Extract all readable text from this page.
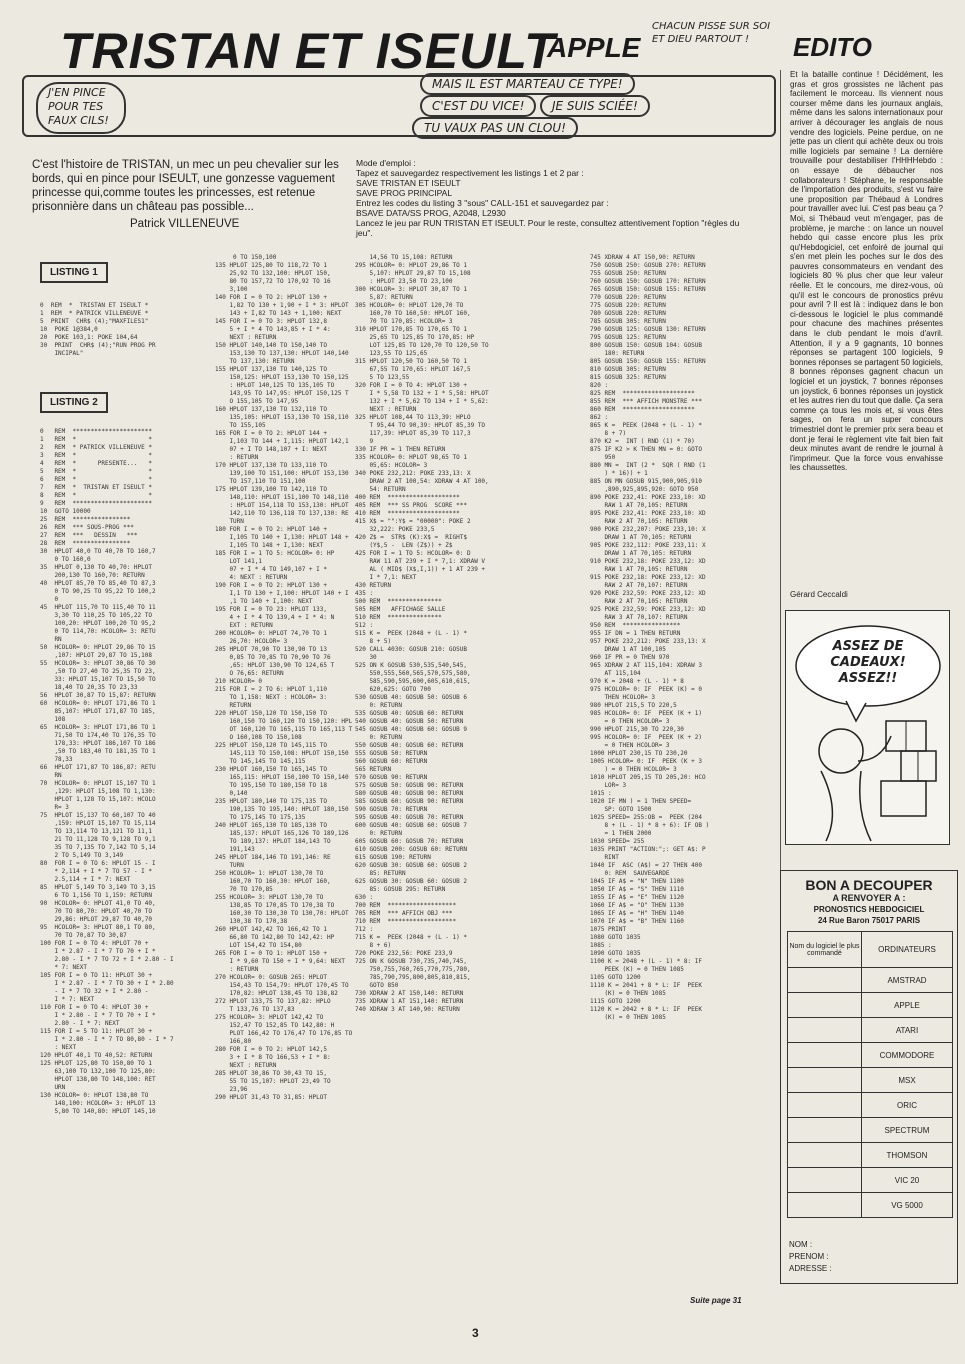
TRISTAN ET ISEULT
APPLE
CHACUN PISSE SUR SOI ET DIEU PARTOUT !	EDITO
J'EN PINCE POUR TES FAUX CILS!
MAIS IL EST MARTEAU CE TYPE!
C'EST DU VICE!	JE SUIS SCIÉE!
TU VAUX PAS UN CLOU!
C'est l'histoire de TRISTAN, un mec un peu chevalier sur les bords, qui en pince pour ISEULT, une gonzesse vaguement princesse qui,comme toutes les princesses, est retenue prisonnière dans un château pas possible...
Patrick VILLENEUVE
Mode d'emploi :
Tapez et sauvegardez respectivement les listings 1 et 2 par :
SAVE TRISTAN ET ISEULT
SAVE PROG PRINCIPAL
Entrez les codes du listing 3 "sous" CALL-151 et sauvegardez par :
BSAVE DATA/SS PROG, A2048, L2930
Lancez le jeu par RUN TRISTAN ET ISEULT. Pour le reste, consultez attentivement l'option "règles du jeu".
LISTING 1
0  REM  *  TRISTAN ET ISEULT *
1  REM  * PATRICK VILLENEUVE *
5  PRINT  CHR$ (4);"MAXFILES1"
10  POKE 1@384,0
20  POKE 103,1: POKE 104,64
30  PRINT  CHR$ (4);"RUN PROG PR
INCIPAL"
LISTING 2
0   REM  **********************
1   REM  *                    *
2   REM  * PATRICK VILLENEUVE *
3   REM  *                    *
4   REM  *      PRESENTE...   *
5   REM  *                    *
6   REM  *                    *
7   REM  *  TRISTAN ET ISEULT *
8   REM  *                    *
9   REM  **********************
10  GOTO 10000
25  REM  ****************
26  REM  *** SOUS-PROG ***
27  REM  ***   DESSIN   ***
28  REM  ****************
30  HPLOT 40,0 TO 40,70 TO 160,7
0 TO 160,0
35  HPLOT 0,130 TO 40,70: HPLOT
200,130 TO 160,70: RETURN
40  HPLOT 85,70 TO 85,40 TO 87,3
0 TO 90,25 TO 95,22 TO 100,2
0
45  HPLOT 115,70 TO 115,40 TO 11
3,30 TO 110,25 TO 105,22 TO
100,20: HPLOT 100,20 TO 95,2
0 TO 114,70: HCOLOR= 3: RETU
RN
50  HCOLOR= 0: HPLOT 29,86 TO 15
,107: HPLOT 29,87 TO 15,108
55  HCOLOR= 3: HPLOT 30,86 TO 30
,50 TO 27,40 TO 25,35 TO 23,
33: HPLOT 15,107 TO 15,50 TO
18,40 TO 20,35 TO 23,33
56  HPLOT 30,87 TO 15,87: RETURN
60  HCOLOR= 0: HPLOT 171,86 TO 1
85,107: HPLOT 171,87 TO 185,
108
65  HCOLOR= 3: HPLOT 171,86 TO 1
71,50 TO 174,40 TO 176,35 TO
178,33: HPLOT 186,107 TO 186
,50 TO 183,40 TO 181,35 TO 1
78,33
66  HPLOT 171,87 TO 186,87: RETU
RN
70  HCOLOR= 0: HPLOT 15,107 TO 1
,129: HPLOT 15,108 TO 1,130:
HPLOT 1,128 TO 15,107: HCOLO
R= 3
75  HPLOT 15,137 TO 60,107 TO 40
,159: HPLOT 15,107 TO 15,114
TO 13,114 TO 13,121 TO 11,1
21 TO 11,128 TO 9,128 TO 9,1
35 TO 7,135 TO 7,142 TO 5,14
2 TO 5,149 TO 3,149
80  FOR I = 0 TO 6: HPLOT 15 - I
* 2,114 + I * 7 TO 57 - I *
2.5,114 + I * 7: NEXT
85  HPLOT 5,149 TO 3,149 TO 3,15
6 TO 1,156 TO 1,159: RETURN
90  HCOLOR= 0: HPLOT 41,0 TO 40,
70 TO 80,70: HPLOT 40,70 TO
29,86: HPLOT 29,87 TO 40,70
95  HCOLOR= 3: HPLOT 80,1 TO 80,
70 TO 70,87 TO 30,87
100 FOR I = 0 TO 4: HPLOT 70 +
I * 2.87 - I * 7 TO 70 + I *
2.80 - I * 7 TO 72 + I * 2.80 - I
* 7: NEXT
105 FOR I = 0 TO 11: HPLOT 30 +
I * 2.87 - I * 7 TO 30 + I * 2.80
- I * 7 TO 32 + I * 2.80 -
I * 7: NEXT
110 FOR I = 0 TO 4: HPLOT 30 +
I * 2.80 - I * 7 TO 70 + I *
2.80 - I * 7: NEXT
115 FOR I = 5 TO 11: HPLOT 30 +
I * 2.80 - I * 7 TO 80,80 - I * 7
: NEXT
120 HPLOT 40,1 TO 40,52: RETURN
125 HPLOT 125,80 TO 150,80 TO 1
63,100 TO 132,100 TO 125,80:
HPLOT 138,80 TO 148,100: RET
URN
130 HCOLOR= 0: HPLOT 138,80 TO
148,100: HCOLOR= 3: HPLOT 13
5,80 TO 140,80: HPLOT 145,10
0 TO 150,100
135 HPLOT 125,80 TO 118,72 TO 1
25,92 TO 132,100: HPLOT 150,
80 TO 157,72 TO 170,92 TO 16
3,100
140 FOR I = 0 TO 2: HPLOT 130 +
1,82 TO 130 + 1,90 + I * 3: HPLOT
143 + I,82 TO 143 + 1,100: NEXT
145 FOR I = 0 TO 3: HPLOT 132,8
5 + I * 4 TO 143,85 + I * 4:
NEXT : RETURN
150 HPLOT 140,140 TO 150,140 TO
153,130 TO 137,130: HPLOT 140,140
TO 137,130: RETURN
155 HPLOT 137,130 TO 140,125 TO
150,125: HPLOT 153,130 TO 150,125
: HPLOT 140,125 TO 135,105 TO
143,95 TO 147,95: HPLOT 150,125 T
O 155,105 TO 147,95
160 HPLOT 137,130 TO 132,110 TO
135,105: HPLOT 153,130 TO 158,110
TO 155,105
165 FOR I = 0 TO 2: HPLOT 144 +
I,103 TO 144 + I,115: HPLOT 142,1
07 + I TO 148,107 + I: NEXT
: RETURN
170 HPLOT 137,130 TO 133,110 TO
139,100 TO 151,100: HPLOT 153,130
TO 157,110 TO 151,100
175 HPLOT 139,100 TO 142,110 TO
148,110: HPLOT 151,100 TO 148,110
: HPLOT 154,118 TO 153,130: HPLOT
142,110 TO 136,118 TO 137,130: RE
TURN
180 FOR I = 0 TO 2: HPLOT 140 +
I,105 TO 140 + I,130: HPLOT 148 +
I,105 TO 148 + I,130: NEXT
185 FOR I = 1 TO 5: HCOLOR= 0: HP
LOT 141,1
07 + I * 4 TO 149,107 + I *
4: NEXT : RETURN
190 FOR I = 0 TO 2: HPLOT 130 +
I,1 TO 130 + I,100: HPLOT 140 + I
,1 TO 140 + I,100: NEXT
195 FOR I = 0 TO 23: HPLOT 133,
4 + I * 4 TO 139,4 + I * 4: N
EXT : RETURN
200 HCOLOR= 0: HPLOT 74,70 TO 1
26,70: HCOLOR= 3
205 HPLOT 70,90 TO 130,90 TO 13
0,85 TO 70,85 TO 70,90 TO 76
,65: HPLOT 130,90 TO 124,65 T
O 76,65: RETURN
210 HCOLOR= 0
215 FOR I = 2 TO 6: HPLOT 1,110
TO 1,158: NEXT : HCOLOR= 3:
RETURN
220 HPLOT 150,120 TO 150,150 TO
160,150 TO 160,120 TO 150,120: HPL
OT 160,120 TO 165,115 TO 165,113 T
O 160,108 TO 150,108
225 HPLOT 150,120 TO 145,115 TO
145,113 TO 150,108: HPLOT 150,150
TO 145,145 TO 145,115
230 HPLOT 160,150 TO 165,145 TO
165,115: HPLOT 150,100 TO 150,140
TO 195,150 TO 180,150 TO 18
0,140
235 HPLOT 180,140 TO 175,135 TO
190,135 TO 195,140: HPLOT 180,150
TO 175,145 TO 175,135
240 HPLOT 165,130 TO 185,130 TO
185,137: HPLOT 165,126 TO 189,126
TO 189,137: HPLOT 184,143 TO
191,143
245 HPLOT 184,146 TO 191,146: RE
TURN
250 HCOLOR= 1: HPLOT 130,70 TO
160,70 TO 160,30: HPLOT 160,
70 TO 170,85
255 HCOLOR= 3: HPLOT 130,70 TO
138,85 TO 170,85 TO 170,38 TO
160,30 TO 130,30 TO 130,70: HPLOT
130,38 TO 170,38
260 HPLOT 142,42 TO 166,42 TO 1
66,80 TO 142,80 TO 142,42: HP
LOT 154,42 TO 154,80
265 FOR I = 0 TO 1: HPLOT 150 +
I * 9,60 TO 150 + I * 9,64: NEXT
: RETURN
270 HCOLOR= 0: GOSUB 265: HPLOT
154,43 TO 154,79: HPLOT 170,45 TO
170,82: HPLOT 138,45 TO 138,82
272 HPLOT 133,75 TO 137,82: HPLO
T 133,76 TO 137,83
275 HCOLOR= 3: HPLOT 142,42 TO
152,47 TO 152,85 TO 142,80: H
PLOT 166,42 TO 176,47 TO 176,85 TO
166,80
280 FOR I = 0 TO 2: HPLOT 142,5
3 + I * 8 TO 166,53 + I * 8:
NEXT : RETURN
285 HPLOT 30,86 TO 30,43 TO 15,
55 TO 15,107: HPLOT 23,49 TO
23,96
290 HPLOT 31,43 TO 31,85: HPLOT
14,56 TO 15,108: RETURN
295 HCOLOR= 0: HPLOT 29,86 TO 1
5,107: HPLOT 29,87 TO 15,108
: HPLOT 23,50 TO 23,100
300 HCOLOR= 3: HPLOT 30,87 TO 1
5,87: RETURN
305 HCOLOR= 0: HPLOT 120,70 TO
160,70 TO 160,50: HPLOT 160,
70 TO 170,85: HCOLOR= 3
310 HPLOT 170,85 TO 170,65 TO 1
25,65 TO 125,85 TO 170,85: HP
LOT 125,85 TO 120,70 TO 120,50 TO
123,55 TO 125,65
315 HPLOT 120,50 TO 160,50 TO 1
67,55 TO 170,65: HPLOT 167,5
5 TO 123,55
320 FOR I = 0 TO 4: HPLOT 130 +
I * 5,58 TO 132 + I * 5,58: HPLOT
132 + I * 5,62 TO 134 + I * 5,62:
NEXT : RETURN
325 HPLOT 108,44 TO 113,39: HPLO
T 95,44 TO 90,39: HPLOT 85,39 TO
117,39: HPLOT 85,39 TO 117,3
9
330 IF PR = 1 THEN RETURN
335 HCOLOR= 0: HPLOT 98,65 TO 1
05,65: HCOLOR= 3
340 POKE 232,212: POKE 233,13: X
DRAW 2 AT 100,54: XDRAW 4 AT 100,
54: RETURN
400 REM  ********************
405 REM  *** SS PROG  SCORE ***
410 REM  ********************
415 X$ = "":Y$ = "00000": POKE 2
32,222: POKE 233,5
420 Z$ =  STR$ (K):X$ =  RIGHT$
(Y$,5 -  LEN (Z$)) + Z$
425 FOR I = 1 TO 5: HCOLOR= 0: D
RAW 11 AT 239 + I * 7,1: XDRAW V
AL ( MID$ (X$,I,1)) + 1 AT 239 +
I * 7,1: NEXT
430 RETURN
435 :
500 REM  ***************
505 REM   AFFICHAGE SALLE
510 REM  ***************
512 :
515 K =  PEEK (2048 + (L - 1) *
8 + 5)
520 CALL 4030: GOSUB 210: GOSUB
30
525 ON K GOSUB 530,535,540,545,
550,555,560,565,570,575,580,
585,590,595,600,605,610,615,
620,625: GOTO 700
530 GOSUB 40: GOSUB 50: GOSUB 6
0: RETURN
535 GOSUB 40: GOSUB 60: RETURN
540 GOSUB 40: GOSUB 50: RETURN
545 GOSUB 40: GOSUB 60: GOSUB 9
0: RETURN
550 GOSUB 40: GOSUB 60: RETURN
555 GOSUB 50: RETURN
560 GOSUB 60: RETURN
565 RETURN
570 GOSUB 90: RETURN
575 GOSUB 50: GOSUB 90: RETURN
580 GOSUB 40: GOSUB 90: RETURN
585 GOSUB 60: GOSUB 90: RETURN
590 GOSUB 70: RETURN
595 GOSUB 40: GOSUB 70: RETURN
600 GOSUB 40: GOSUB 60: GOSUB 7
0: RETURN
605 GOSUB 60: GOSUB 70: RETURN
610 GOSUB 200: GOSUB 60: RETURN
615 GOSUB 190: RETURN
620 GOSUB 30: GOSUB 60: GOSUB 2
85: RETURN
625 GOSUB 30: GOSUB 60: GOSUB 2
85: GOSUB 295: RETURN
630 :
700 REM  *******************
705 REM  *** AFFICH OBJ ***
710 REM  *******************
712 :
715 K =  PEEK (2048 + (L - 1) *
8 + 6)
720 POKE 232,56: POKE 233,9
725 ON K GOSUB 730,735,740,745,
750,755,760,765,770,775,780,
785,790,795,800,805,810,815,
GOTO 850
730 XDRAW 2 AT 150,140: RETURN
735 XDRAW 1 AT 151,140: RETURN
740 XDRAW 3 AT 140,90: RETURN
745 XDRAW 4 AT 150,90: RETURN
750 GOSUB 250: GOSUB 270: RETURN
755 GOSUB 250: RETURN
760 GOSUB 150: GOSUB 170: RETURN
765 GOSUB 150: GOSUB 155: RETURN
770 GOSUB 220: RETURN
775 GOSUB 220: RETURN
780 GOSUB 220: RETURN
785 GOSUB 305: RETURN
790 GOSUB 125: GOSUB 130: RETURN
795 GOSUB 125: RETURN
800 GOSUB 150: GOSUB 104: GOSUB
180: RETURN
805 GOSUB 150: GOSUB 155: RETURN
810 GOSUB 305: RETURN
815 GOSUB 325: RETURN
820 :
825 REM  ********************
855 REM  *** AFFICH MONSTRE ***
860 REM  ********************
862 :
865 K =  PEEK (2048 + (L - 1) *
8 + 7)
870 K2 =  INT ( RND (1) * 70)
875 IF K2 > K THEN MN = 0: GOTO
950
880 MN =  INT (2 *  SQR ( RND (1
) * 16)) + 1
885 ON MN GOSUB 915,900,905,910
,890,925,895,920: GOTO 950
890 POKE 232,41: POKE 233,10: XD
RAW 1 AT 70,105: RETURN
895 POKE 232,41: POKE 233,10: XD
RAW 2 AT 70,105: RETURN
900 POKE 232,207: POKE 233,10: X
DRAW 1 AT 70,105: RETURN
905 POKE 232,112: POKE 233,11: X
DRAW 1 AT 70,105: RETURN
910 POKE 232,18: POKE 233,12: XD
RAW 1 AT 70,105: RETURN
915 POKE 232,18: POKE 233,12: XD
RAW 2 AT 70,107: RETURN
920 POKE 232,59: POKE 233,12: XD
RAW 2 AT 70,105: RETURN
925 POKE 232,59: POKE 233,12: XD
RAW 3 AT 70,107: RETURN
950 REM  ****************
955 IF DN = 1 THEN RETURN
957 POKE 232,212: POKE 233,13: X
DRAW 1 AT 100,105
960 IF PR = 0 THEN 970
965 XDRAW 2 AT 115,104: XDRAW 3
AT 115,104
970 K = 2048 + (L - 1) * 8
975 HCOLOR= 0: IF  PEEK (K) = 0
THEN HCOLOR= 3
980 HPLOT 215,5 TO 220,5
985 HCOLOR= 0: IF  PEEK (K + 1)
= 0 THEN HCOLOR= 3
990 HPLOT 215,30 TO 220,30
995 HCOLOR= 0: IF  PEEK (K + 2)
= 0 THEN HCOLOR= 3
1000 HPLOT 230,15 TO 230,20
1005 HCOLOR= 0: IF  PEEK (K + 3
) = 0 THEN HCOLOR= 3
1010 HPLOT 205,15 TO 205,20: HCO
LOR= 3
1015 :
1020 IF MN ) = 1 THEN SPEED=
SP: GOTO 1500
1025 SPEED= 255:OB =  PEEK (204
8 + (L - 1) * 8 + 6): IF OB )
= 1 THEN 2000
1030 SPEED= 255
1035 PRINT "ACTION:";: GET A$: P
RINT
1040 IF  ASC (A$) = 27 THEN 400
0: REM  SAUVEGARDE
1045 IF A$ = "N" THEN 1100
1050 IF A$ = "S" THEN 1110
1055 IF A$ = "E" THEN 1120
1060 IF A$ = "O" THEN 1130
1065 IF A$ = "H" THEN 1140
1070 IF A$ = "B" THEN 1160
1075 PRINT
1080 GOTO 1035
1085 :
1090 GOTO 1035
1100 K = 2048 + (L - 1) * 8: IF
PEEK (K) = 0 THEN 1085
1105 GOTO 1200
1110 K = 2041 + 8 * L: IF  PEEK
(K) = 0 THEN 1085
1115 GOTO 1200
1120 K = 2042 + 8 * L: IF  PEEK
(K) = 0 THEN 1085
Et la bataille continue ! Décidément, les gras et gros grossistes ne lâchent pas facilement le morceau. Ils viennent nous courser même dans les journaux anglais, même dans les salons internationaux pour arriver à décourager les anglais de nous vendre des logiciels. Peine perdue, on ne jette pas un client qui achète deux ou trois mille logiciels par semaine ! La dernière trouvaille pour destabiliser l'HHHHebdo : on essaye de débaucher nos collaborateurs ! Stéphane, le responsable de l'importation des produits, s'est vu faire une proposition par Thébaud à Londres pour travailler avec lui. C'est pas beau ça ? Moi, si Thébaud veut m'engager, pas de problème, je marche : on lance un nouvel hebdo qui casse encore plus les prix qu'Hebdogiciel, cet enfoiré de journal qui s'en met plein les poches sur le dos des pauvres consommateurs en vendant des logiciels 80 % plus cher que leur valeur réelle. Et le concours, me direz-vous, où qu'il est le concours de pronostics prévu pour avril ? Il est là : indiquez dans le bon ci-dessous le logiciel le plus commandé pour chacune des machines présentes dans le club pendant le mois d'avril. Attention, il y a 9 gagnants, 10 bonnes réponses se partagent 100 logiciels, 9 bonnes réponses se partagent 50 logiciels, 8 bonnes réponses gagnent chacun un logiciel et un joystick, 7 bonnes réponses un joystick, 6 bonnes réponses un joystick et les autres rien du tout que dalle. Ça sera comme ça tous les mois et, si vous êtes sages, on fera un super concours trimestriel dont le premier prix sera beau et dont je ferai le règlement vite fait bien fait deux minutes avant de rendre le journal à l'imprimeur. Que la force vous envahisse les chaussettes.
Gérard Ceccaldi
ASSEZ DE CADEAUX! ASSEZ!!
BON A DECOUPER
A RENVOYER A :
PRONOSTICS HEBDOGICIEL
24 Rue Baron 75017 PARIS
Nom du logiciel le plus commandé	ORDINATEURS
AMSTRAD
APPLE
ATARI
COMMODORE
MSX
ORIC
SPECTRUM
THOMSON
VIC 20
VG 5000
NOM :
PRENOM :
ADRESSE :
Suite page 31
3
